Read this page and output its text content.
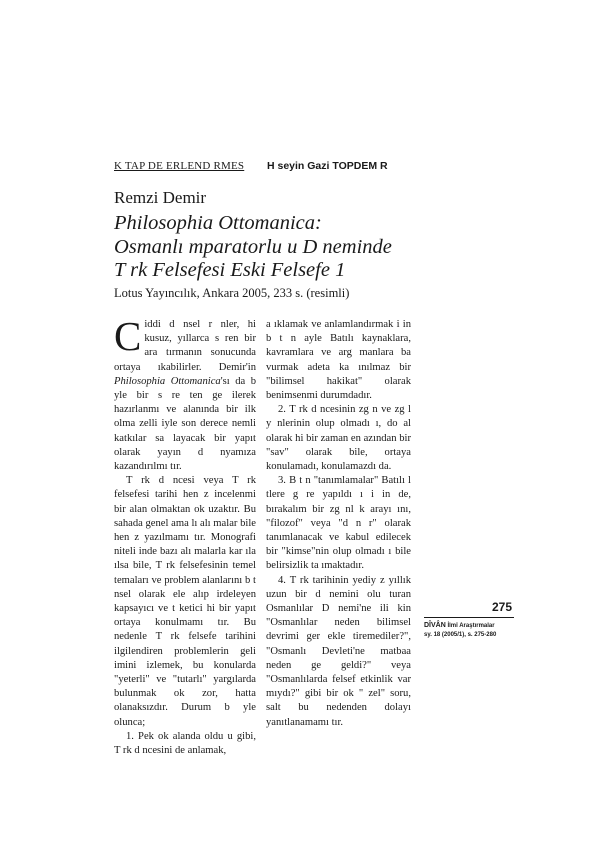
K TAP DE ERLEND RMES H seyin Gazi TOPDEM R
Remzi Demir
Philosophia Ottomanica:
Osmanlı mparatorlu u D neminde
T rk Felsefesi Eski Felsefe 1
Lotus Yayıncılık, Ankara 2005, 233 s. (resimli)

Ciddi d nsel r nler, hi kusuz, yıllarca s ren bir ara tırmanın sonucunda ortaya ıkabilirler. Demir'in Philosophia Ottomanica'sı da b yle bir s re ten ge ilerek hazırlanmı ve alanında bir ilk olma zelli iyle son derece nemli katkılar sa layacak bir yapıt olarak yayın d nyamıza kazandırılmı tır.

T rk d ncesi veya T rk felsefesi tarihi hen z incelenmi bir alan olmaktan ok uzaktır. Bu sahada genel ama lı alı malar bile hen z yazılmamı tır. Monografi niteli inde bazı alı malarla kar ıla ılsa bile, T rk felsefesinin temel temaları ve problem alanlarını b t nsel olarak ele alıp irdeleyen kapsayıcı ve t ketici hi bir yapıt ortaya konulmamı tır. Bu nedenle T rk felsefe tarihini ilgilendiren problemlerin geli imini izlemek, bu konularda "yeterli" ve "tutarlı" yargılarda bulunmak ok zor, hatta olanaksızdır. Durum b yle olunca;

1. Pek ok alanda oldu u gibi, T rk d ncesini de anlamak,

a ıklamak ve anlamlandırmak i in b t n ayle Batılı kaynaklara, kavramlara ve arg manlara ba vurmak adeta ka ınılmaz bir "bilimsel hakikat" olarak benimsenmi durumdadır.

2. T rk d ncesinin zg n ve zg l y nlerinin olup olmadı ı, do al olarak hi bir zaman en azından bir "sav" olarak bile, ortaya konulamadı, konulamazdı da.

3. B t n "tanımlamalar" Batılı l tlere g re yapıldı ı i in de, bırakalım bir zg nl k arayı ını, "filozof" veya "d n r" olarak tanımlanacak ve kabul edilecek bir "kimse"nin olup olmadı ı bile belirsizlik ta ımaktadır.

4. T rk tarihinin yediy z yıllık uzun bir d nemini olu turan Osmanlılar D nemi'ne ili kin "Osmanlılar neden bilimsel devrimi ger ekle tiremediler?", "Osmanlı Devleti'ne matbaa neden ge geldi?" veya "Osmanlılarda felsef etkinlik var mıydı?" gibi bir ok " zel" soru, salt bu nedenden dolayı yanıtlanamamı tır.

275
DÎVÂN İlmî Araştırmalar
sy. 18 (2005/1), s. 275-280
